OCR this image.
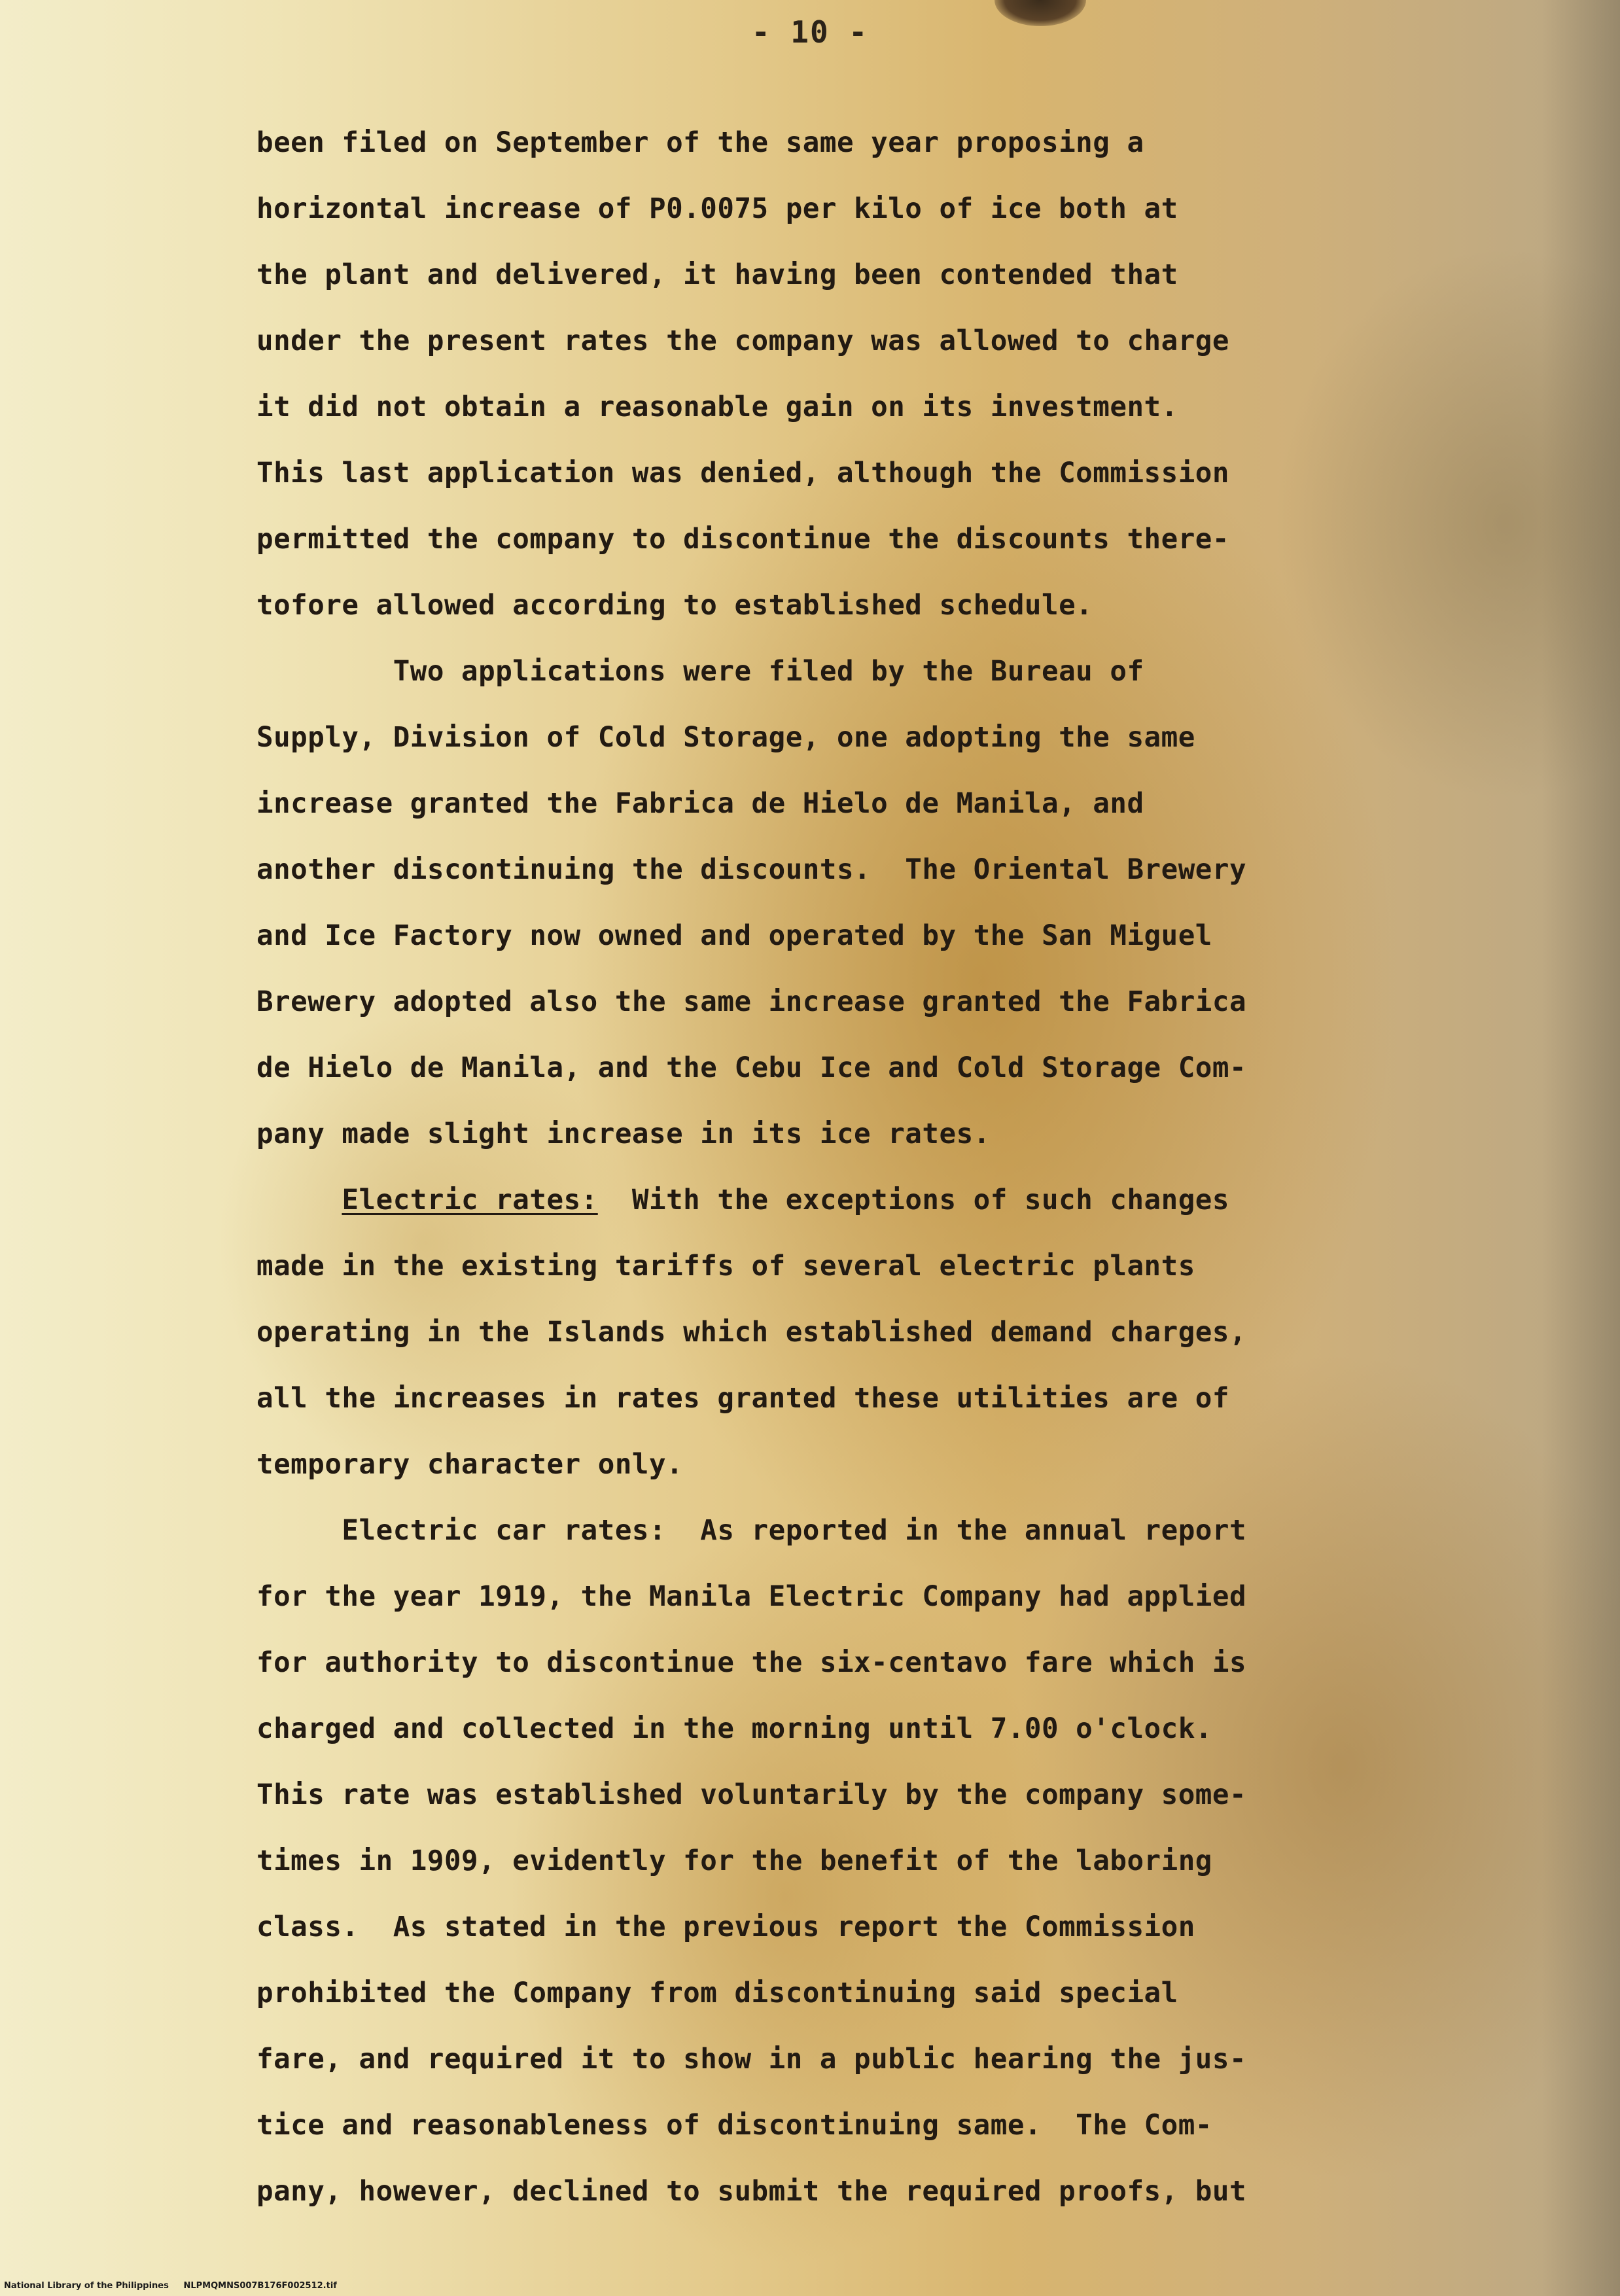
- 10 -
been filed on September of the same year proposing a
horizontal increase of P0.0075 per kilo of ice both at
the plant and delivered, it having been contended that
under the present rates the company was allowed to charge
it did not obtain a reasonable gain on its investment.
This last application was denied, although the Commission
permitted the company to discontinue the discounts there-
tofore allowed according to established schedule.
Two applications were filed by the Bureau of
Supply, Division of Cold Storage, one adopting the same
increase granted the Fabrica de Hielo de Manila, and
another discontinuing the discounts.  The Oriental Brewery
and Ice Factory now owned and operated by the San Miguel
Brewery adopted also the same increase granted the Fabrica
de Hielo de Manila, and the Cebu Ice and Cold Storage Com-
pany made slight increase in its ice rates.
Electric rates:  With the exceptions of such changes
made in the existing tariffs of several electric plants
operating in the Islands which established demand charges,
all the increases in rates granted these utilities are of
temporary character only.
Electric car rates:  As reported in the annual report
for the year 1919, the Manila Electric Company had applied
for authority to discontinue the six-centavo fare which is
charged and collected in the morning until 7.00 o'clock.
This rate was established voluntarily by the company some-
times in 1909, evidently for the benefit of the laboring
class.  As stated in the previous report the Commission
prohibited the Company from discontinuing said special
fare, and required it to show in a public hearing the jus-
tice and reasonableness of discontinuing same.  The Com-
pany, however, declined to submit the required proofs, but
National Library of the Philippines     NLPMQMNS007B176F002512.tif
